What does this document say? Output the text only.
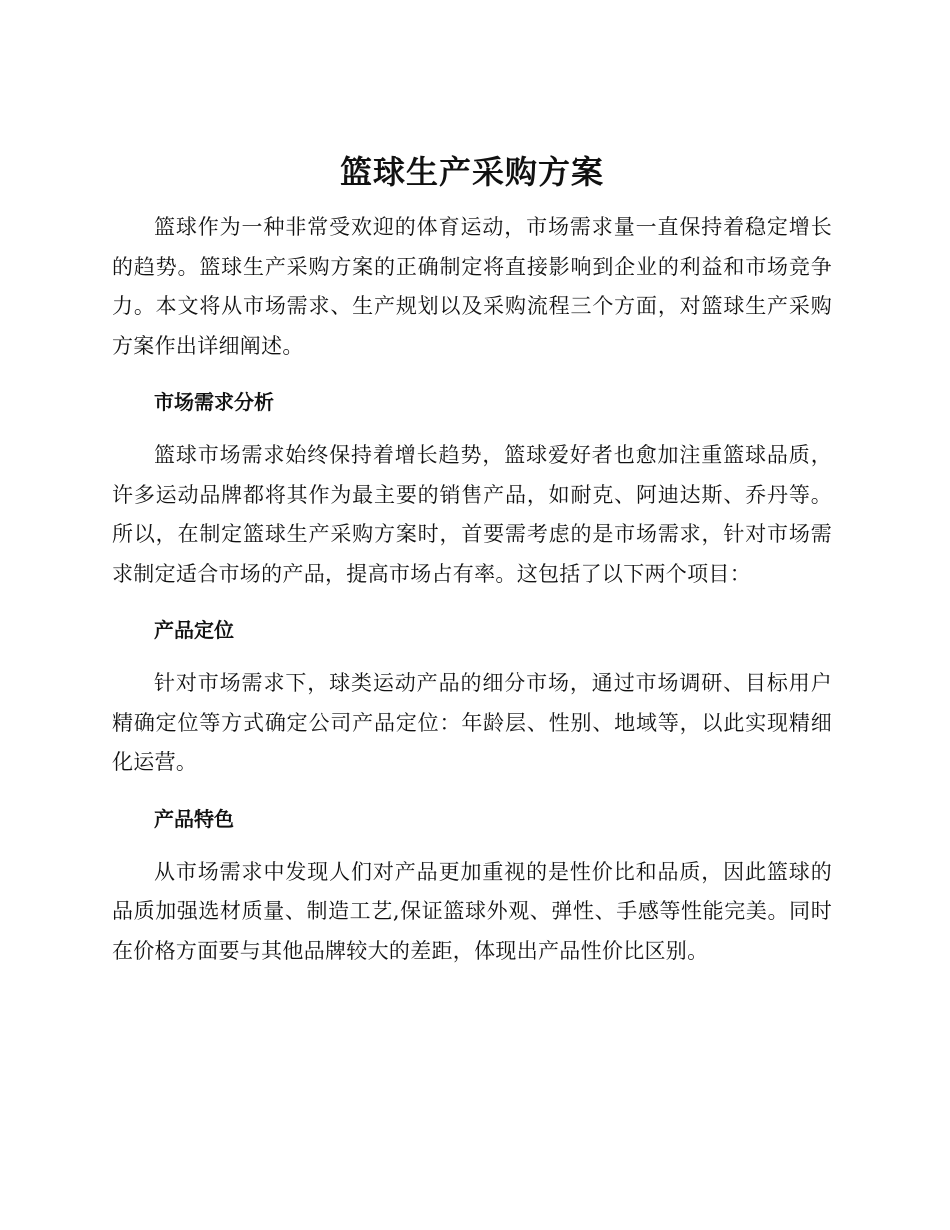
篮球生产采购方案

篮球作为一种非常受欢迎的体育运动，市场需求量一直保持着稳定增长的趋势。篮球生产采购方案的正确制定将直接影响到企业的利益和市场竞争力。本文将从市场需求、生产规划以及采购流程三个方面，对篮球生产采购方案作出详细阐述。

市场需求分析

篮球市场需求始终保持着增长趋势，篮球爱好者也愈加注重篮球品质，许多运动品牌都将其作为最主要的销售产品，如耐克、阿迪达斯、乔丹等。所以，在制定篮球生产采购方案时，首要需考虑的是市场需求，针对市场需求制定适合市场的产品，提高市场占有率。这包括了以下两个项目：

产品定位

针对市场需求下，球类运动产品的细分市场，通过市场调研、目标用户精确定位等方式确定公司产品定位：年龄层、性别、地域等，以此实现精细化运营。

产品特色

从市场需求中发现人们对产品更加重视的是性价比和品质，因此篮球的品质加强选材质量、制造工艺,保证篮球外观、弹性、手感等性能完美。同时在价格方面要与其他品牌较大的差距，体现出产品性价比区别。
